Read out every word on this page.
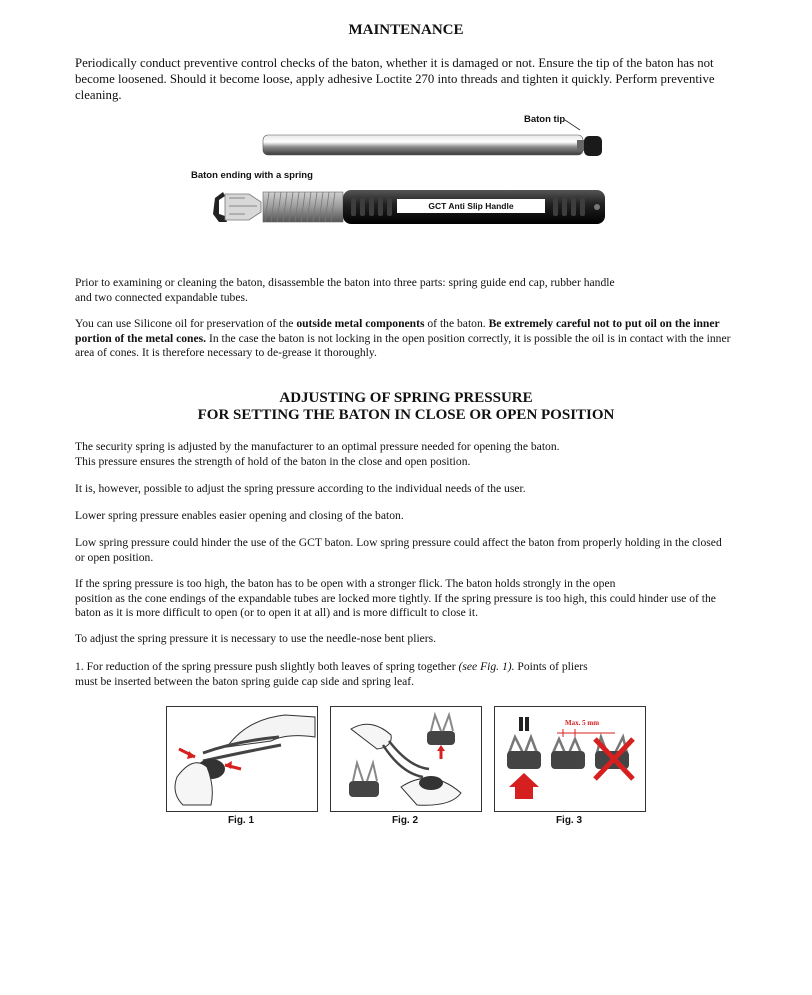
MAINTENANCE
Periodically conduct preventive control checks of the baton, whether it is damaged or not. Ensure the tip of the baton has not become loosened. Should it become loose, apply adhesive Loctite 270 into threads and tighten it quickly. Perform preventive cleaning.
Baton tip
Baton ending with a spring
GCT Anti Slip Handle
Prior to examining or cleaning the baton, disassemble the baton into three parts: spring guide end cap, rubber handle
and two connected expandable tubes.
You can use Silicone oil for preservation of the outside metal components of the baton. Be extremely careful not to put oil on the inner portion of the metal cones. In the case the baton is not locking in the open position correctly, it is possible the oil is in contact with the inner area of cones. It is therefore necessary to de-grease it thoroughly.
ADJUSTING OF SPRING PRESSURE
FOR SETTING THE BATON IN CLOSE OR OPEN POSITION
The security spring is adjusted by the manufacturer to an optimal pressure needed for opening the baton.
This pressure ensures the strength of hold of the baton in the close and open position.
It is, however, possible to adjust the spring pressure according to the individual needs of the user.
Lower spring pressure enables easier opening and closing of the baton.
Low spring pressure could hinder the use of the GCT baton. Low spring pressure could affect the baton from properly holding in the closed or open position.
If the spring pressure is too high, the baton has to be open with a stronger flick. The baton holds strongly in the open
position as the cone endings of the expandable tubes are locked more tightly. If the spring pressure is too high, this could hinder use of the baton as it is more difficult to open (or to open it at all) and is more difficult to close it.
To adjust the spring pressure it is necessary to use the needle-nose bent pliers.
1. For reduction of the spring pressure push slightly both leaves of spring together (see Fig. 1). Points of pliers
must be inserted between the baton spring guide cap side and spring leaf.
Fig. 1	Fig. 2
Max. 5 mm
Fig. 3
